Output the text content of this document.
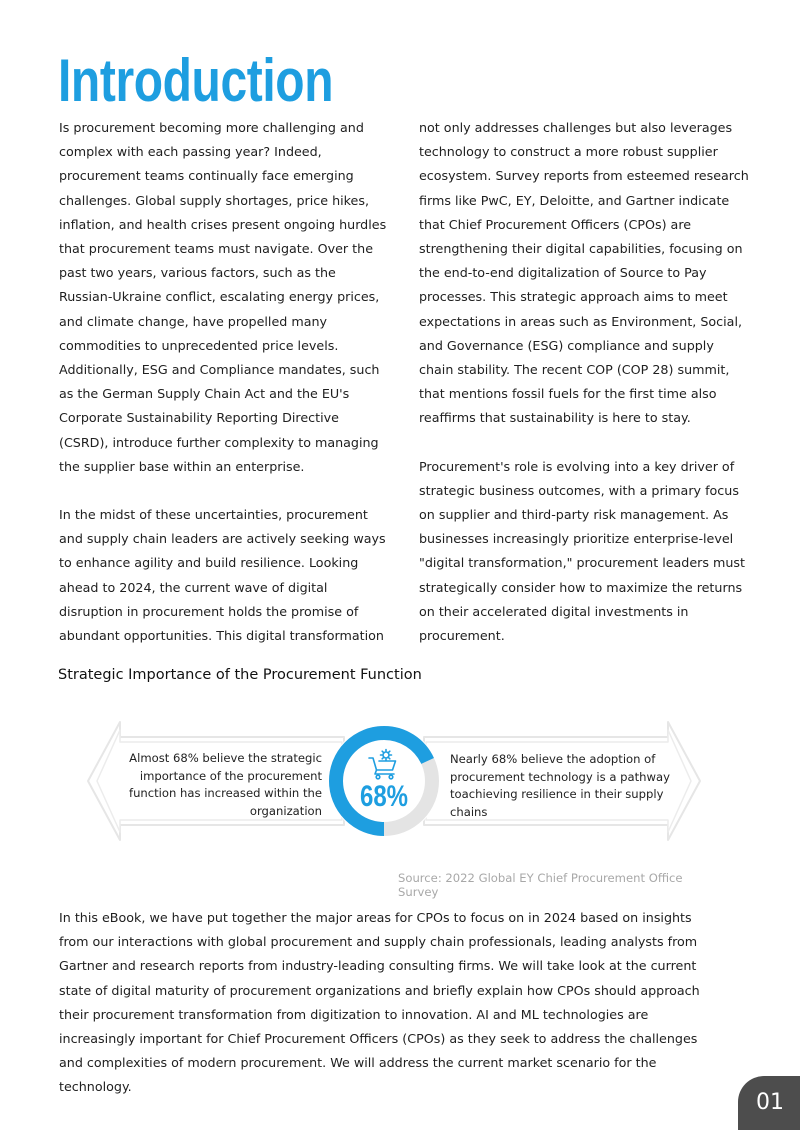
Introduction

Is procurement becoming more challenging and complex with each passing year? Indeed, procurement teams continually face emerging challenges. Global supply shortages, price hikes, inflation, and health crises present ongoing hurdles that procurement teams must navigate. Over the past two years, various factors, such as the Russian-Ukraine conflict, escalating energy prices, and climate change, have propelled many commodities to unprecedented price levels. Additionally, ESG and Compliance mandates, such as the German Supply Chain Act and the EU's Corporate Sustainability Reporting Directive (CSRD), introduce further complexity to managing the supplier base within an enterprise.

In the midst of these uncertainties, procurement and supply chain leaders are actively seeking ways to enhance agility and build resilience. Looking ahead to 2024, the current wave of digital disruption in procurement holds the promise of abundant opportunities. This digital transformation

not only addresses challenges but also leverages technology to construct a more robust supplier ecosystem. Survey reports from esteemed research firms like PwC, EY, Deloitte, and Gartner indicate that Chief Procurement Officers (CPOs) are strengthening their digital capabilities, focusing on the end-to-end digitalization of Source to Pay processes. This strategic approach aims to meet expectations in areas such as Environment, Social, and Governance (ESG) compliance and supply chain stability. The recent COP (COP 28) summit, that mentions fossil fuels for the first time also reaffirms that sustainability is here to stay.

Procurement's role is evolving into a key driver of strategic business outcomes, with a primary focus on supplier and third-party risk management. As businesses increasingly prioritize enterprise-level "digital transformation," procurement leaders must strategically consider how to maximize the returns on their accelerated digital investments in procurement.

Strategic Importance of the Procurement Function
68%
Almost 68% believe the strategic importance of the procurement function has increased within the organization
Nearly 68% believe the adoption of procurement technology is a pathway toachieving resilience in their supply chains

Source: 2022 Global EY Chief Procurement Office Survey

In this eBook, we have put together the major areas for CPOs to focus on in 2024 based on insights from our interactions with global procurement and supply chain professionals, leading analysts from Gartner and research reports from industry-leading consulting firms. We will take look at the current state of digital maturity of procurement organizations and briefly explain how CPOs should approach their procurement transformation from digitization to innovation. AI and ML technologies are increasingly important for Chief Procurement Officers (CPOs) as they seek to address the challenges and complexities of modern procurement. We will address the current market scenario for the technology.

01
